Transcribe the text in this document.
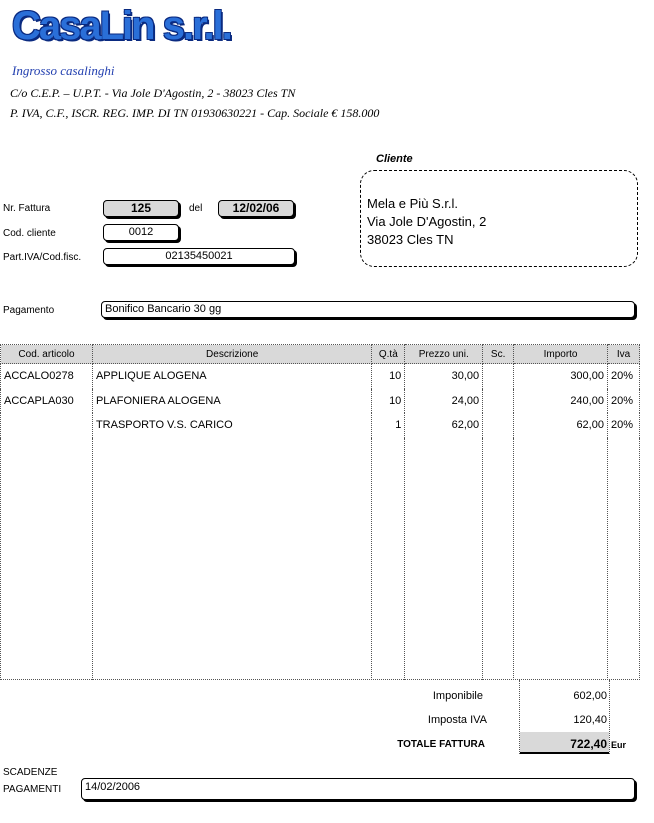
CasaLin s.r.l.
Ingrosso casalinghi
C/o C.E.P. – U.P.T. - Via Jole D'Agostin, 2 - 38023 Cles TN
P. IVA, C.F., ISCR. REG. IMP. DI TN 01930630221 - Cap. Sociale € 158.000
Nr. Fattura	125	del	12/02/06
Cod. cliente	0012
Part.IVA/Cod.fisc.	02135450021
Pagamento	Bonifico Bancario 30 gg
Cliente
Mela e Più S.r.l.
Via Jole D'Agostin, 2
38023 Cles TN
Cod. articolo	Descrizione	Q.tà	Prezzo uni.	Sc.	Importo	Iva
ACCALO0278	APPLIQUE ALOGENA	10	30,00		300,00	20%
ACCAPLA030	PLAFONIERA ALOGENA	10	24,00		240,00	20%
	TRASPORTO V.S. CARICO	1	62,00		62,00	20%

Imponibile	602,00
Imposta IVA	120,40
TOTALE FATTURA	722,40 Eur
SCADENZE
PAGAMENTI	14/02/2006
